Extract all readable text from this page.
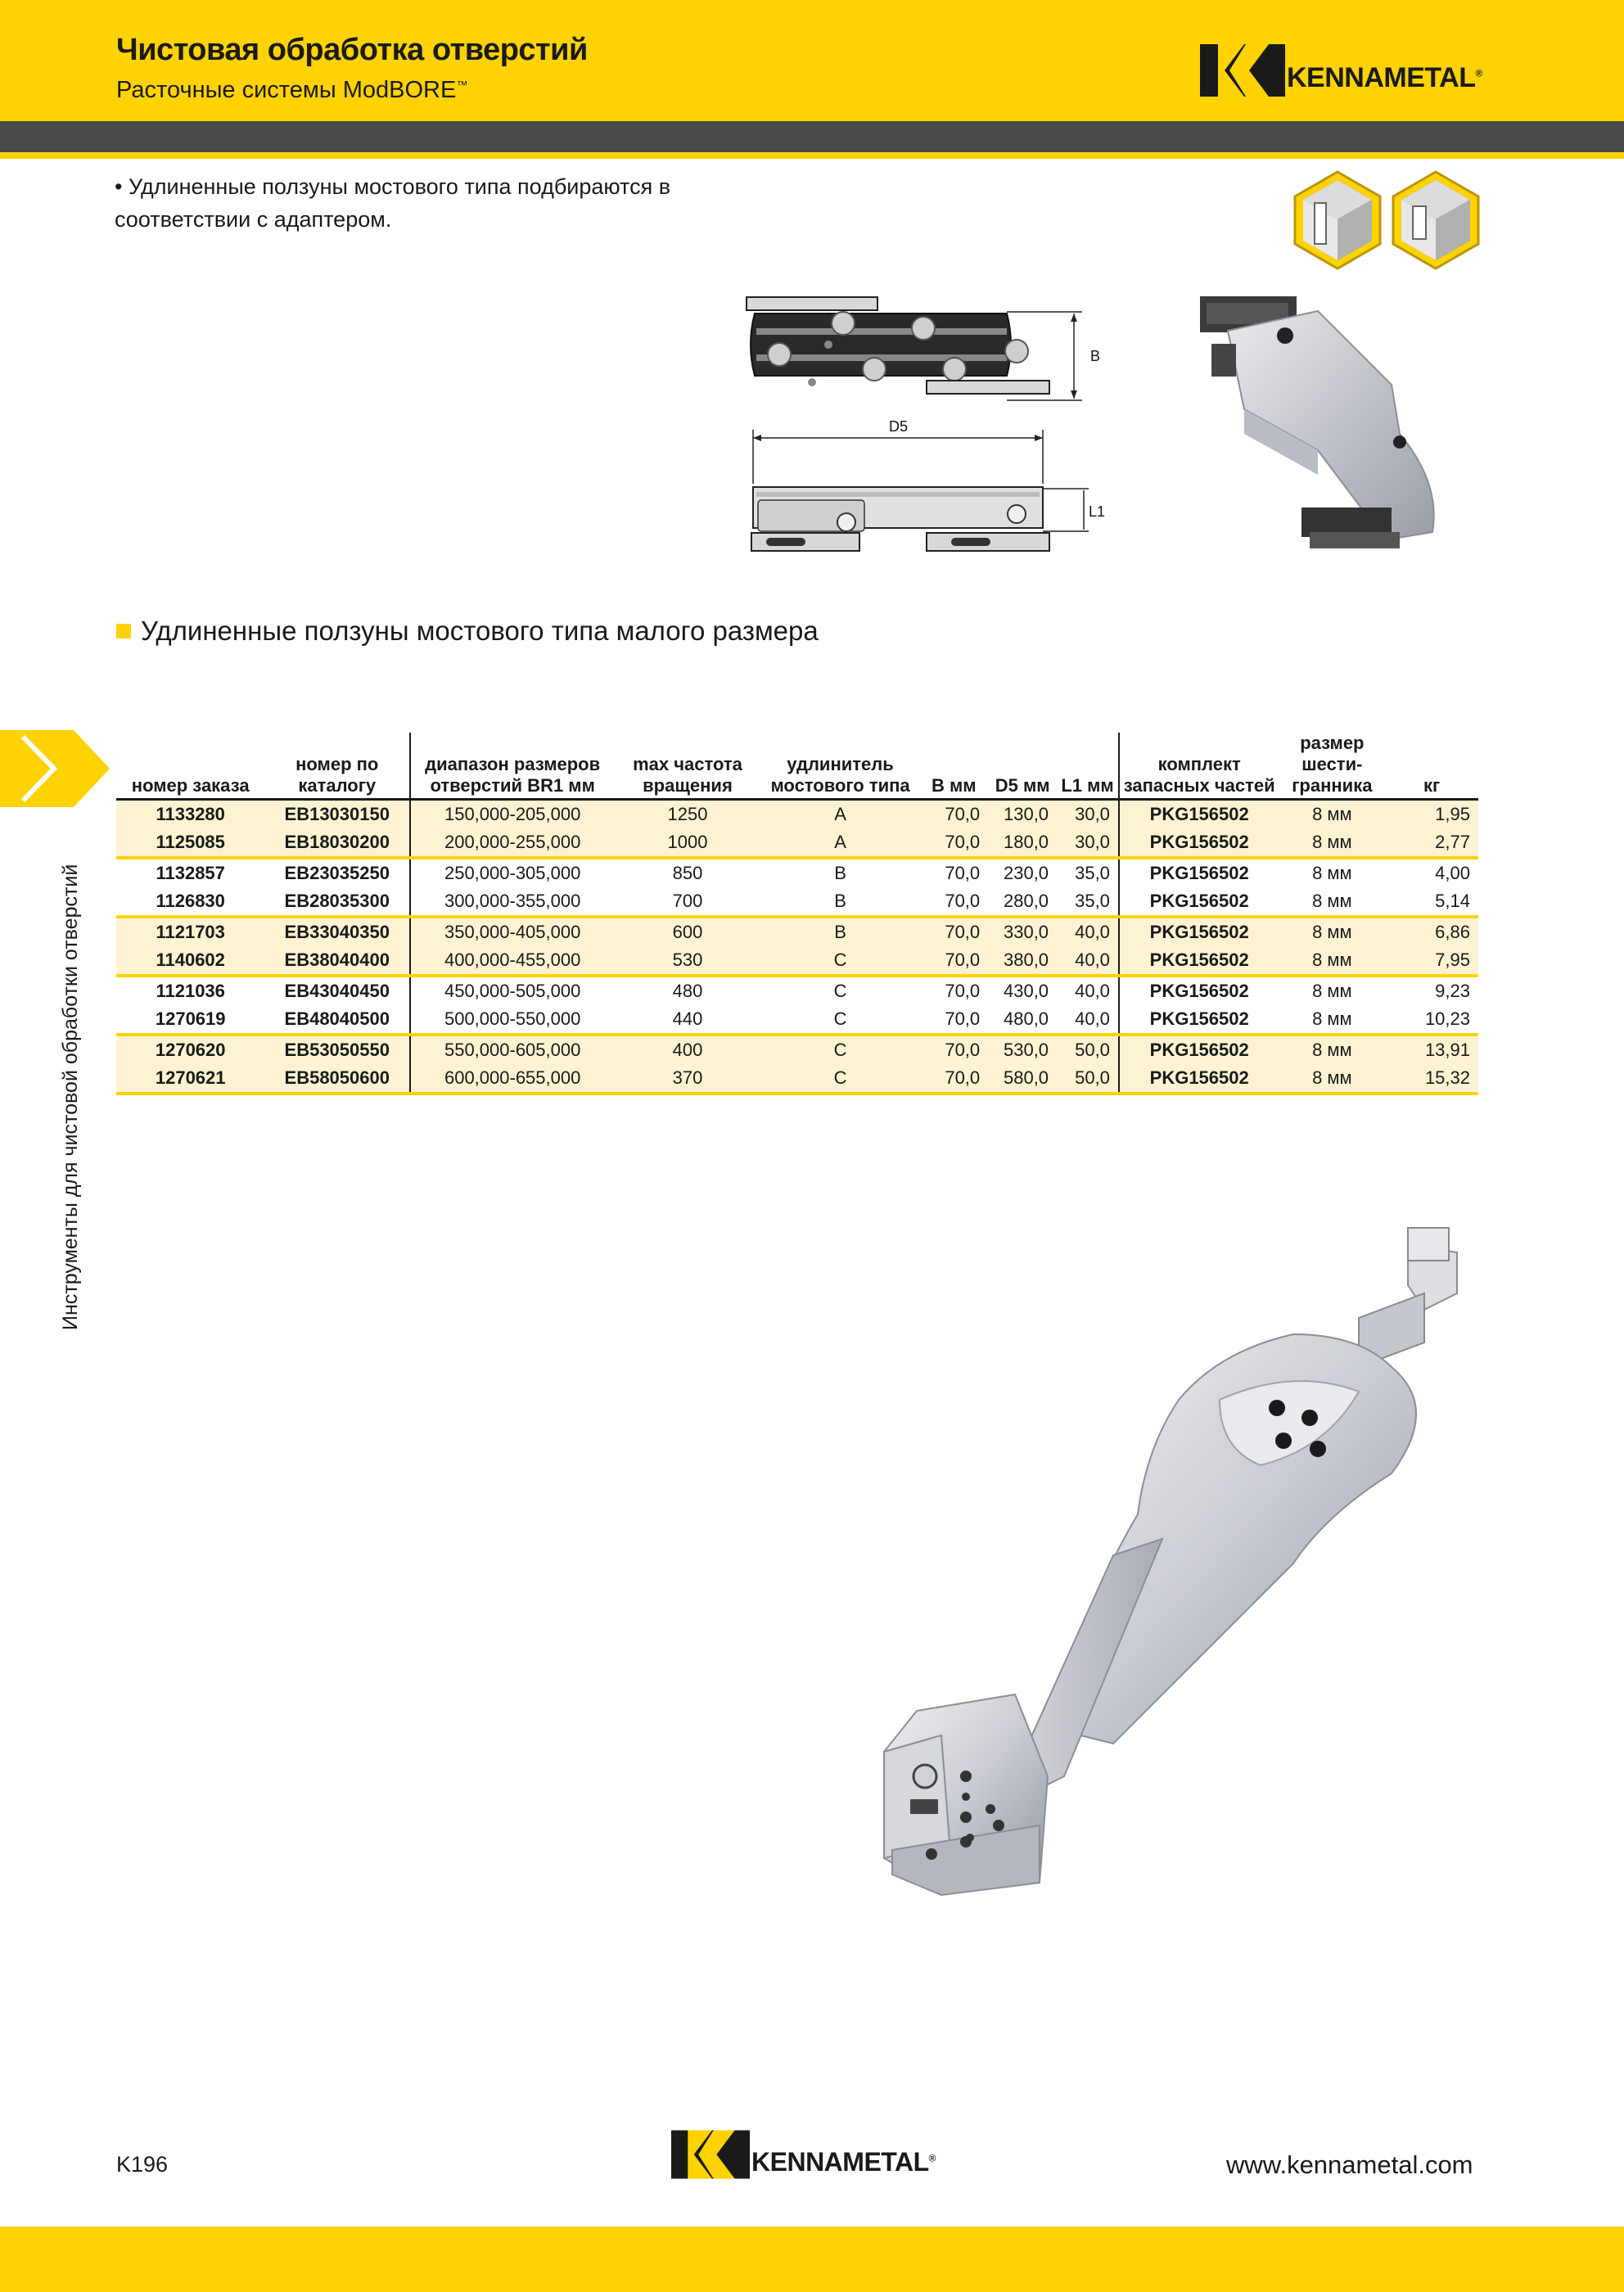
Чистовая обработка отверстий
Расточные системы ModBORE™	KENNAMETAL®
• Удлиненные ползуны мостового типа подбираются в соответствии с адаптером.
B
D5
L1
Удлиненные ползуны мостового типа малого размера
Инструменты для чистовой обработки отверстий
номер заказа	номер по каталогу	диапазон размеров отверстий BR1 мм	max частота вращения	удлинитель мостового типа	B мм	D5 мм	L1 мм	комплект запасных частей	размер шести- гранника	кг
1133280	EB13030150	150,000-205,000	1250	A	70,0	130,0	30,0	PKG156502	8 мм	1,95
1125085	EB18030200	200,000-255,000	1000	A	70,0	180,0	30,0	PKG156502	8 мм	2,77
1132857	EB23035250	250,000-305,000	850	B	70,0	230,0	35,0	PKG156502	8 мм	4,00
1126830	EB28035300	300,000-355,000	700	B	70,0	280,0	35,0	PKG156502	8 мм	5,14
1121703	EB33040350	350,000-405,000	600	B	70,0	330,0	40,0	PKG156502	8 мм	6,86
1140602	EB38040400	400,000-455,000	530	C	70,0	380,0	40,0	PKG156502	8 мм	7,95
1121036	EB43040450	450,000-505,000	480	C	70,0	430,0	40,0	PKG156502	8 мм	9,23
1270619	EB48040500	500,000-550,000	440	C	70,0	480,0	40,0	PKG156502	8 мм	10,23
1270620	EB53050550	550,000-605,000	400	C	70,0	530,0	50,0	PKG156502	8 мм	13,91
1270621	EB58050600	600,000-655,000	370	C	70,0	580,0	50,0	PKG156502	8 мм	15,32
K196	KENNAMETAL®	www.kennametal.com
